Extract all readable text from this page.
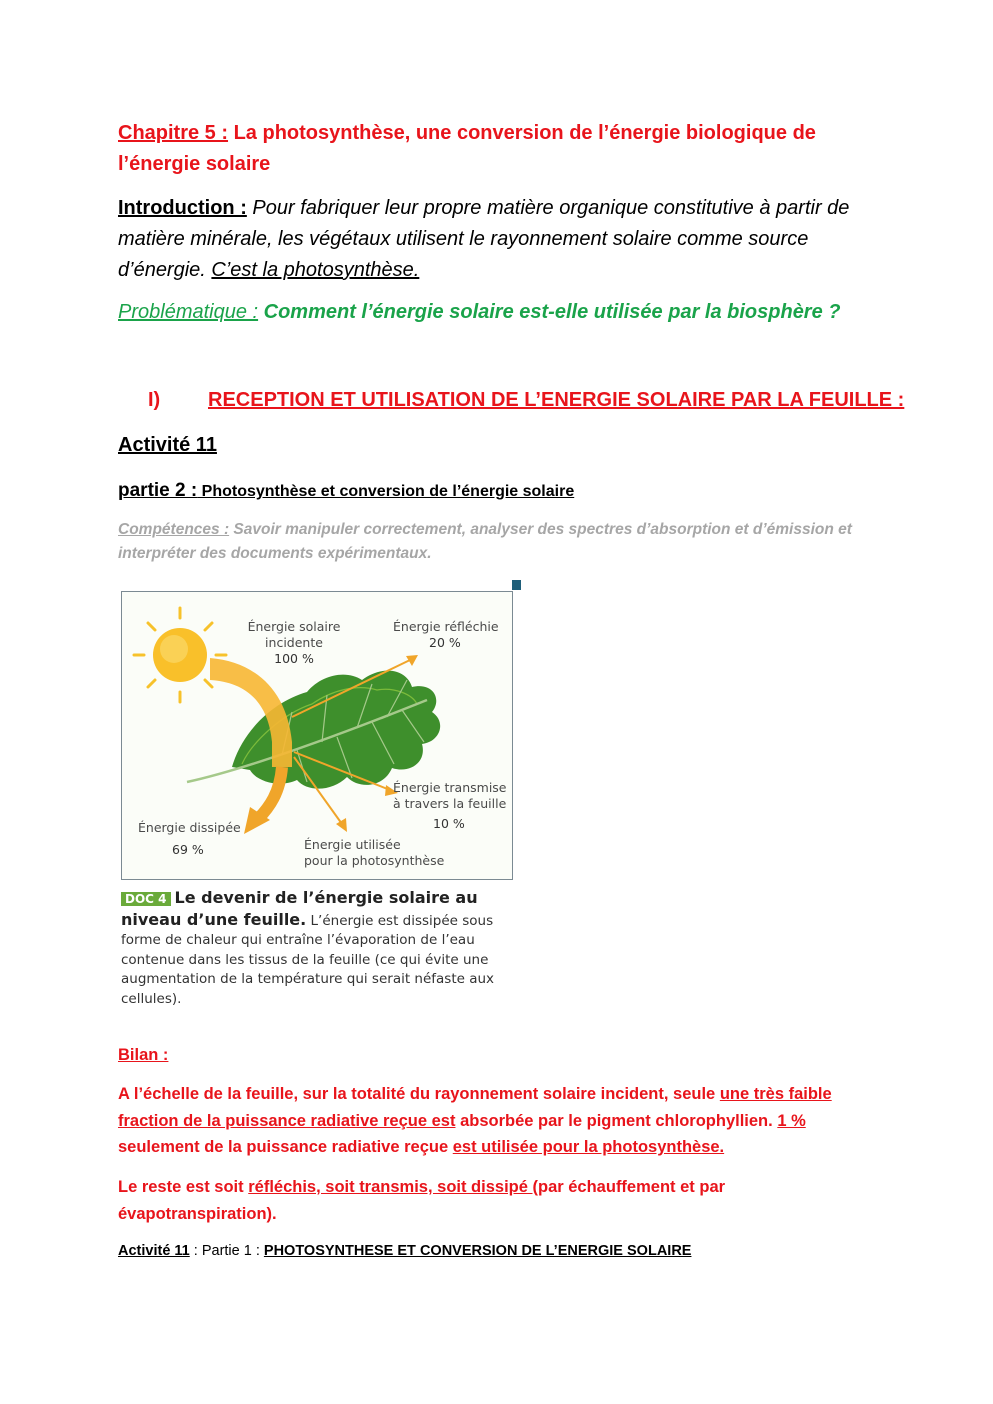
Chapitre 5 : La photosynthèse, une conversion de l’énergie biologique de l’énergie solaire
Introduction : Pour fabriquer leur propre matière organique constitutive à partir de matière minérale, les végétaux utilisent le rayonnement solaire comme source d’énergie. C’est la photosynthèse.
Problématique : Comment l’énergie solaire est-elle utilisée par la biosphère ?
I) RECEPTION ET UTILISATION DE L’ENERGIE SOLAIRE PAR LA FEUILLE :
Activité 11
partie 2 : Photosynthèse et conversion de l’énergie solaire
Compétences : Savoir manipuler correctement, analyser des spectres d’absorption et d’émission et interpréter des documents expérimentaux.
Énergie solaire
incidente
100 %
Énergie réfléchie
20 %
Énergie transmise
à travers la feuille
10 %
Énergie dissipée
69 %	Énergie utilisée
pour la photosynthèse
DOC 4 Le devenir de l’énergie solaire au niveau d’une feuille. L’énergie est dissipée sous forme de chaleur qui entraîne l’évaporation de l’eau contenue dans les tissus de la feuille (ce qui évite une augmentation de la température qui serait néfaste aux cellules).
Bilan :
A l’échelle de la feuille, sur la totalité du rayonnement solaire incident, seule une très faible fraction de la puissance radiative reçue est absorbée par le pigment chlorophyllien. 1 % seulement de la puissance radiative reçue est utilisée pour la photosynthèse.
Le reste est soit réfléchis, soit transmis, soit dissipé (par échauffement et par évapotranspiration).
Activité 11 : Partie 1 : PHOTOSYNTHESE ET CONVERSION DE L’ENERGIE SOLAIRE
